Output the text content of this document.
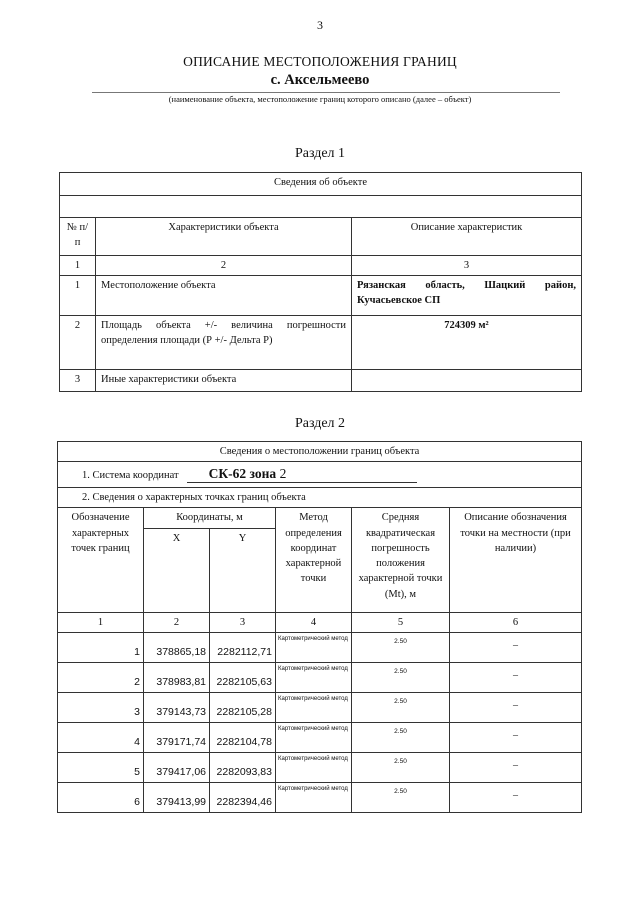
3
ОПИСАНИЕ МЕСТОПОЛОЖЕНИЯ ГРАНИЦ
с. Аксельмеево
(наименование объекта, местоположение границ которого описано (далее – объект)
Раздел 1
Сведения об объекте		

№ п/п	Характеристики объекта	Описание характеристик
1	2	3
1	Местоположение объекта	Рязанская область, Шацкий район, Кучасьевское СП
2	Площадь объекта +/- величина погрешности определения площади (Р +/- Дельта Р)	724309 м²
3	Иные характеристики объекта	
Раздел 2
Сведения о местоположении границ объекта					
1. Система координат СК-62 зона 2					
2. Сведения о характерных точках границ объекта					
Обозначение характерных точек границ	Координаты, м		Метод определения координат характерной точки	Средняя квадратическая погрешность положения характерной точки (Mt), м	Описание обозначения точки на местности (при наличии)
	X	Y			
1	2	3	4	5	6
1	378865,18	2282112,71	Картометрический метод	2.50	–
2	378983,81	2282105,63	Картометрический метод	2.50	–
3	379143,73	2282105,28	Картометрический метод	2.50	–
4	379171,74	2282104,78	Картометрический метод	2.50	–
5	379417,06	2282093,83	Картометрический метод	2.50	–
6	379413,99	2282394,46	Картометрический метод	2.50	–
